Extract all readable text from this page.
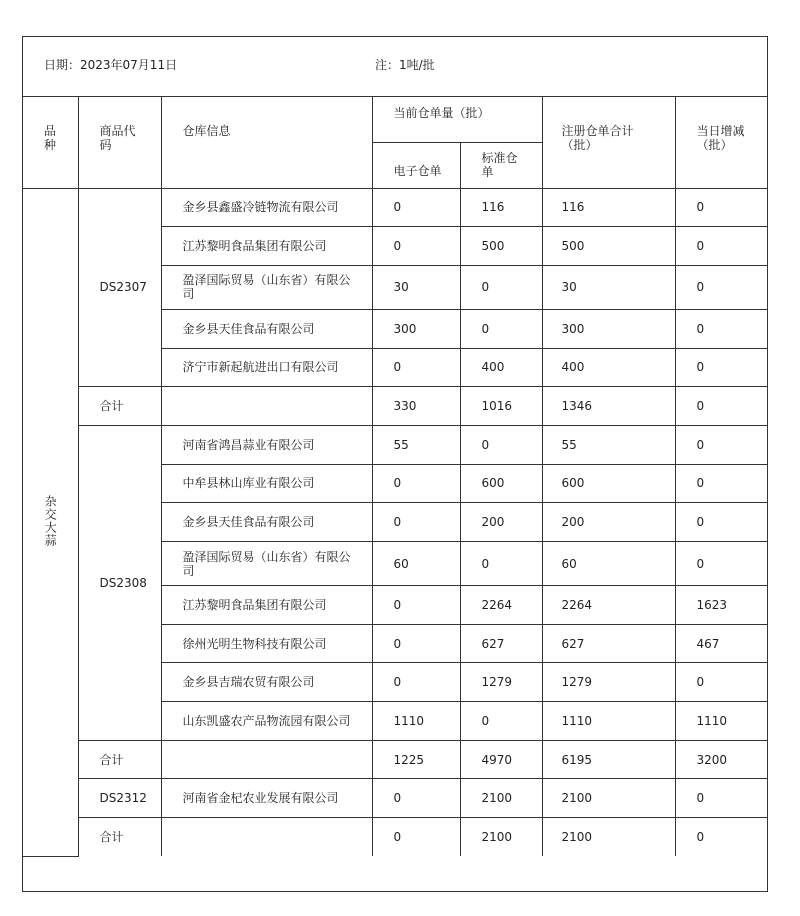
日期：2023年07月11日	注：1吨/批
品种	商品代码	仓库信息	当前仓单量（批）		注册仓单合计（批）	当日增减（批）

			电子仓单	标准仓单		

杂交大蒜	DS2307	金乡县鑫盛冷链物流有限公司	0	116	116	0
		江苏黎明食品集团有限公司	0	500	500	0
		盈泽国际贸易（山东省）有限公司	30	0	30	0
		金乡县天佳食品有限公司	300	0	300	0
		济宁市新起航进出口有限公司	0	400	400	0
	合计		330	1016	1346	0
	DS2308	河南省鸿昌蒜业有限公司	55	0	55	0
		中牟县林山库业有限公司	0	600	600	0
		金乡县天佳食品有限公司	0	200	200	0
		盈泽国际贸易（山东省）有限公司	60	0	60	0
		江苏黎明食品集团有限公司	0	2264	2264	1623
		徐州光明生物科技有限公司	0	627	627	467
		金乡县吉瑞农贸有限公司	0	1279	1279	0
		山东凯盛农产品物流园有限公司	1110	0	1110	1110
	合计		1225	4970	6195	3200
	DS2312	河南省金杞农业发展有限公司	0	2100	2100	0
	合计		0	2100	2100	0
